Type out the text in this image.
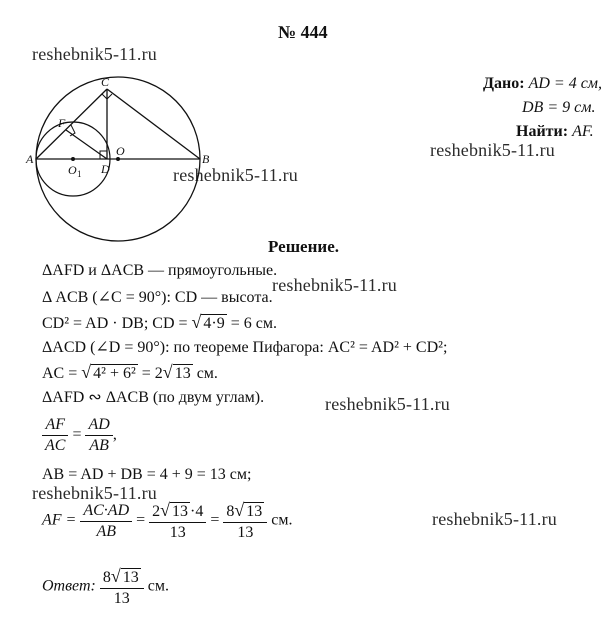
№ 444
reshebnik5-11.ru
reshebnik5-11.ru
reshebnik5-11.ru
reshebnik5-11.ru
reshebnik5-11.ru
reshebnik5-11.ru
reshebnik5-11.ru
Дано: AD = 4 см,
DB = 9 см.
Найти: AF.
A	B
C
D
F
O
O 1
Решение.
ΔAFD и ΔACB — прямоугольные.
Δ ACB (∠C = 90°): CD — высота.
CD² = AD · DB; CD = √ 4·9 = 6 см.
ΔACD (∠D = 90°): по теореме Пифагора: AC² = AD² + CD²;
AC = √ 4² + 6² = 2√ 13 см.
ΔAFD ∾ ΔACB (по двум углам).
$\frac{AF}{AC} = \frac{AD}{AB}$ ,
AB = AD + DB = 4 + 9 = 13 см;
AF = $\frac{AC\cdot AD}{AB} = \frac{2√ 13 \cdot 4}{13} = \frac{8√ 13}{13}$ см.
Ответ: $\frac{8√ 13}{13}$ см.
